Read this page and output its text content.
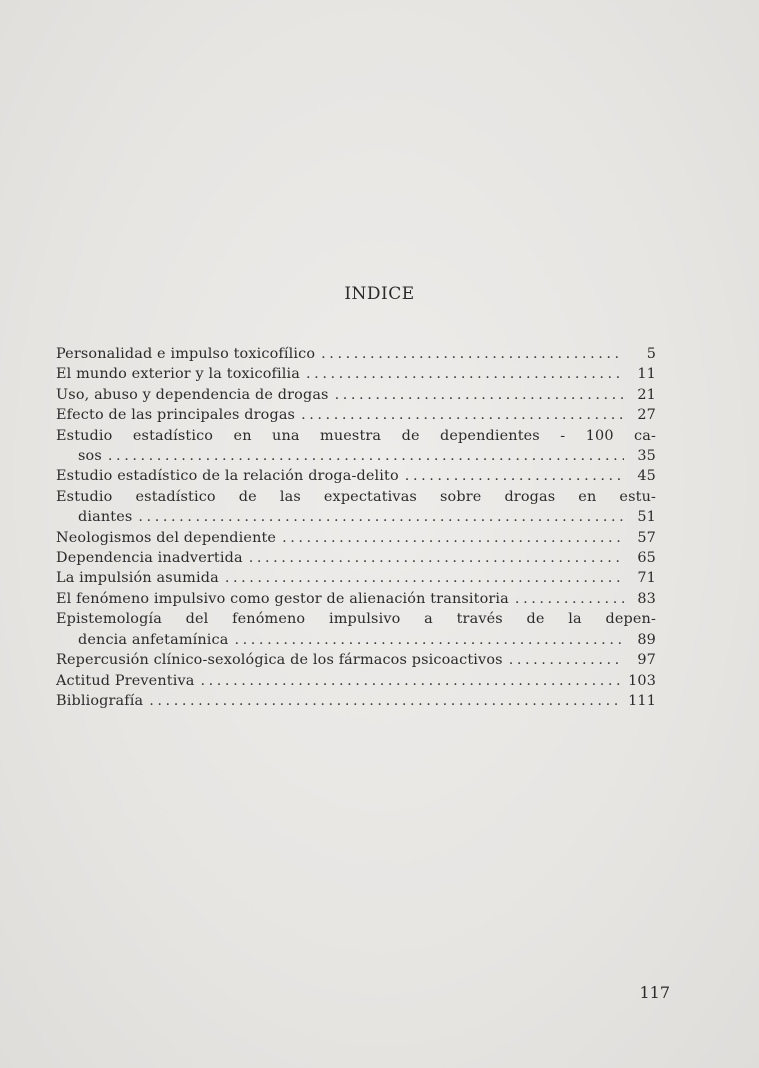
INDICE
Personalidad e impulso toxicofílico . . .	5
El mundo exterior y la toxicofilia . . .	11
Uso, abuso y dependencia de drogas . . .	21
Efecto de las principales drogas . . .	27
Estudio estadístico en una muestra de dependientes - 100 ca-
sos . . .	35
Estudio estadístico de la relación droga-delito . . .	45
Estudio estadístico de las expectativas sobre drogas en estu-
diantes . . .	51
Neologismos del dependiente . . .	57
Dependencia inadvertida . . .	65
La impulsión asumida . . .	71
El fenómeno impulsivo como gestor de alienación transitoria . . .	83
Epistemología del fenómeno impulsivo a través de la depen-
dencia anfetamínica . . .	89
Repercusión clínico-sexológica de los fármacos psicoactivos . . .	97
Actitud Preventiva . . .	103
Bibliografía . . .	111
117
